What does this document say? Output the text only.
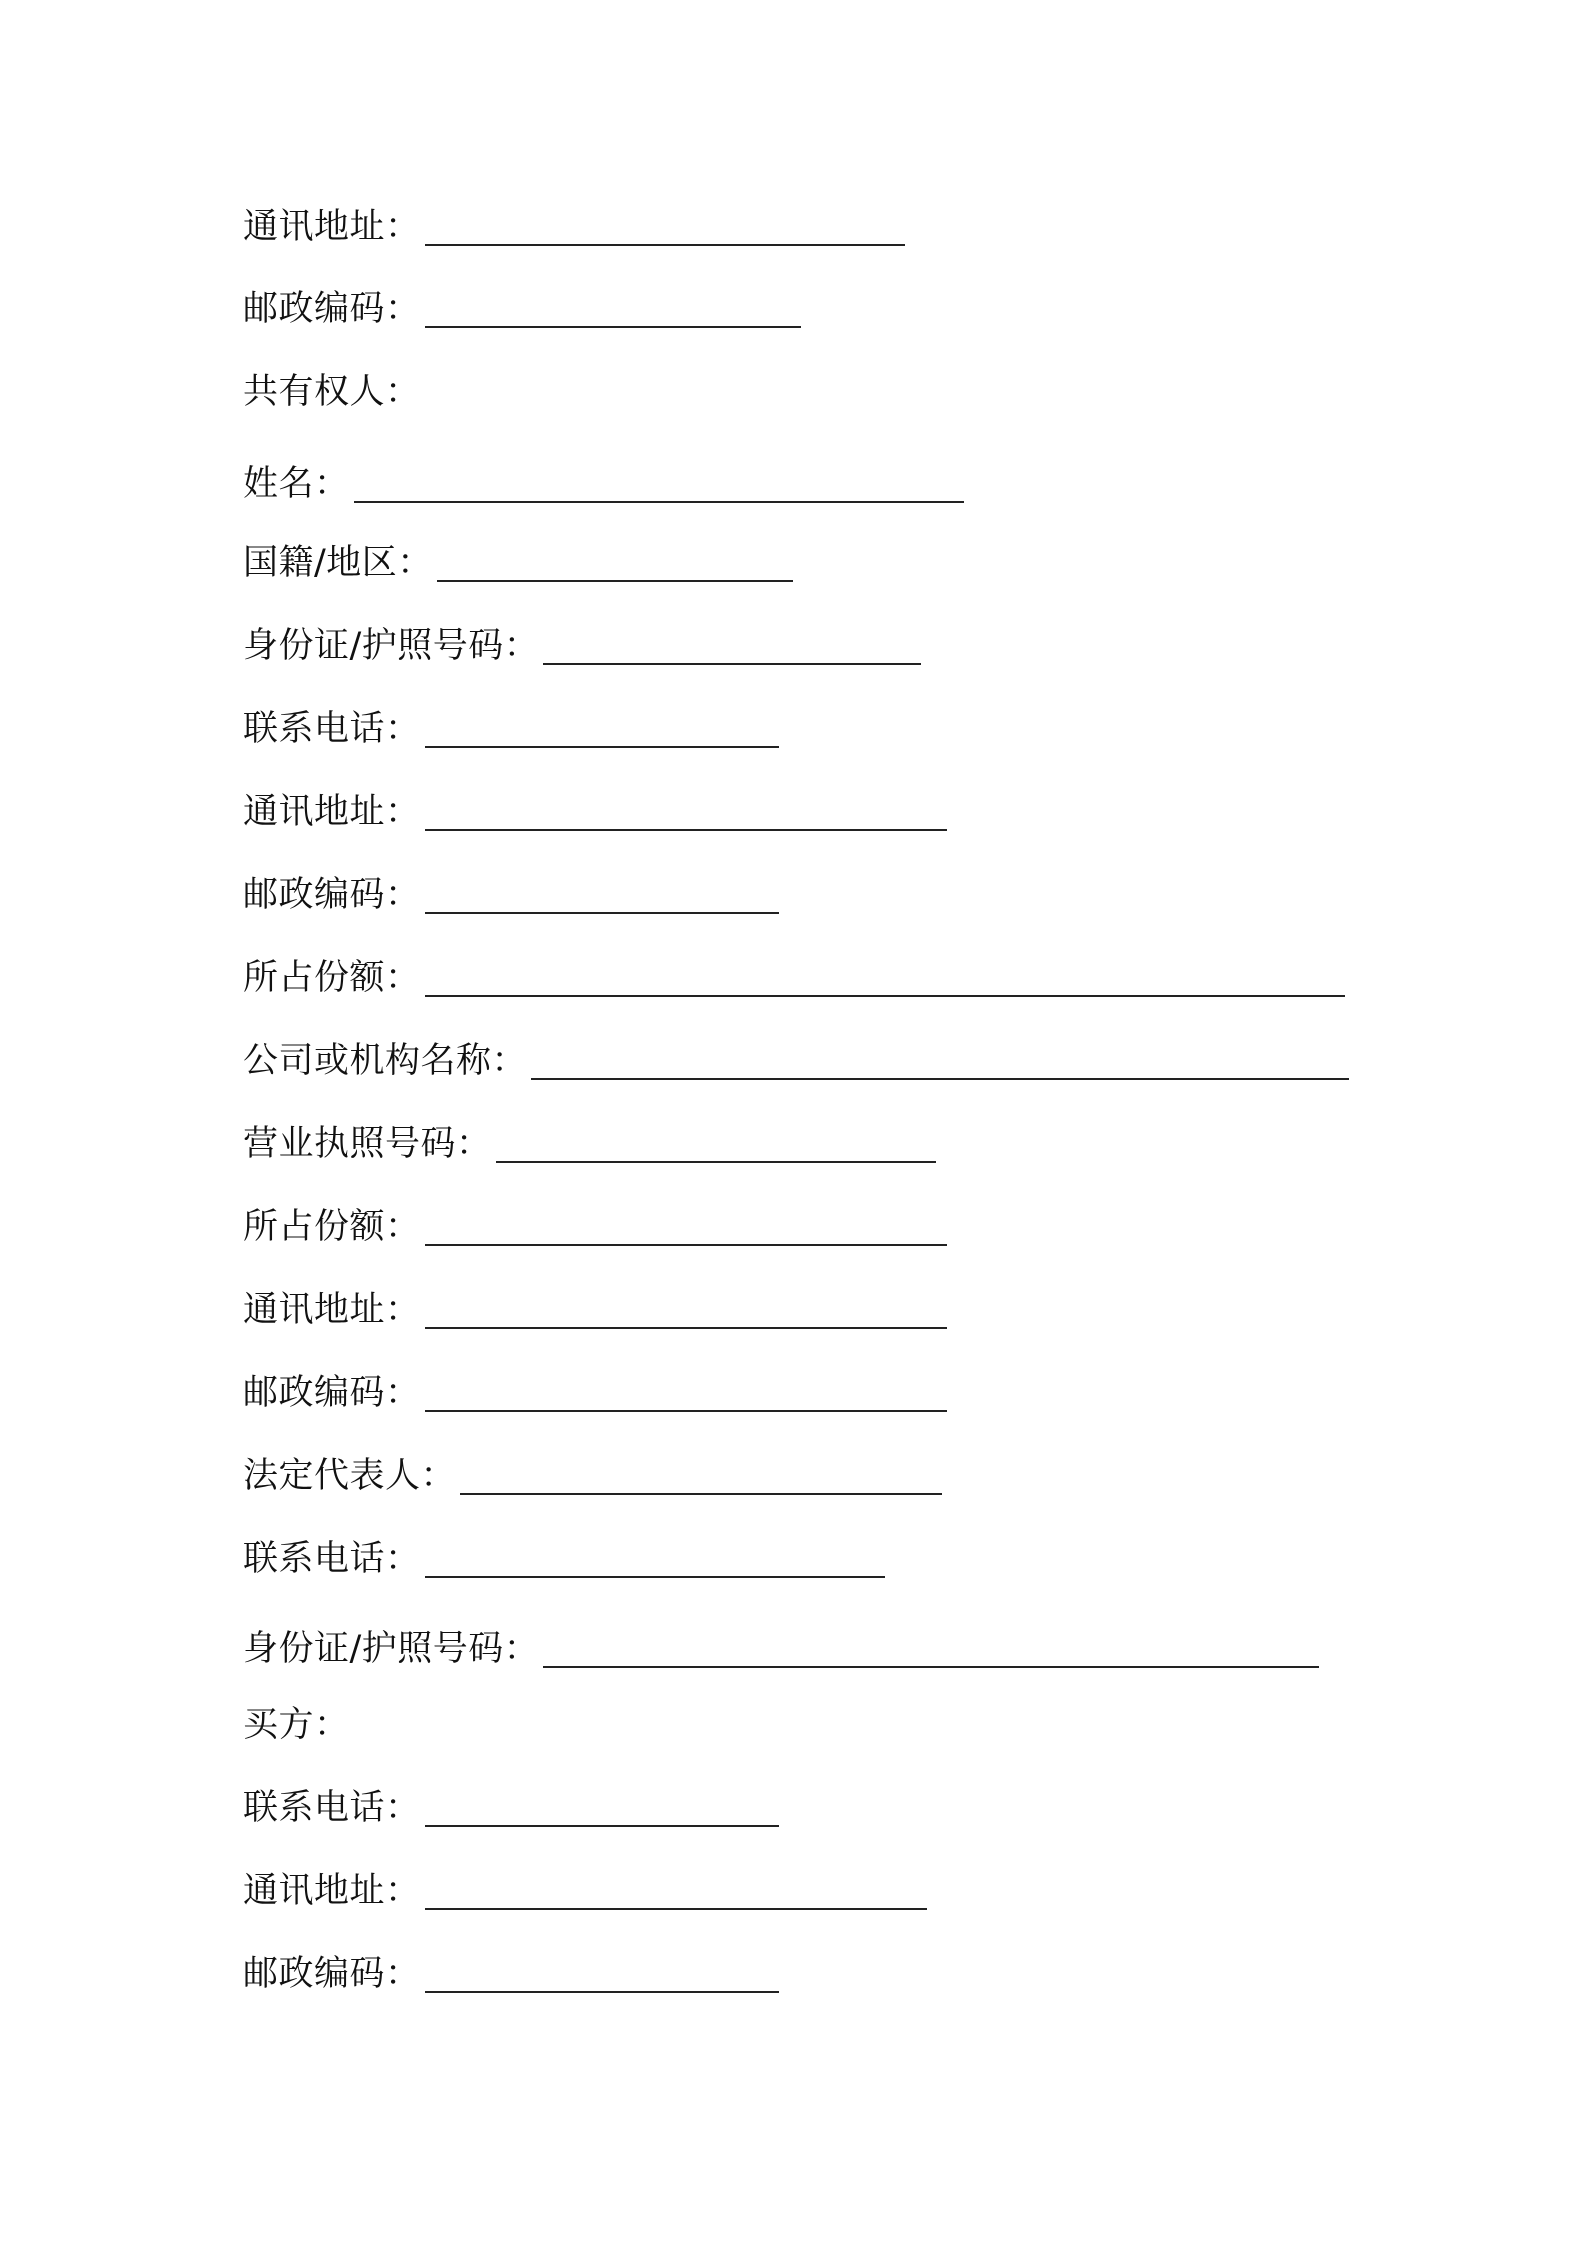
通讯地址：
邮政编码：
共有权人：
姓名：
国籍/地区：
身份证/护照号码：
联系电话：
通讯地址：
邮政编码：
所占份额：
公司或机构名称：
营业执照号码：
所占份额：
通讯地址：
邮政编码：
法定代表人：
联系电话：
身份证/护照号码：
买方：
联系电话：
通讯地址：
邮政编码：
